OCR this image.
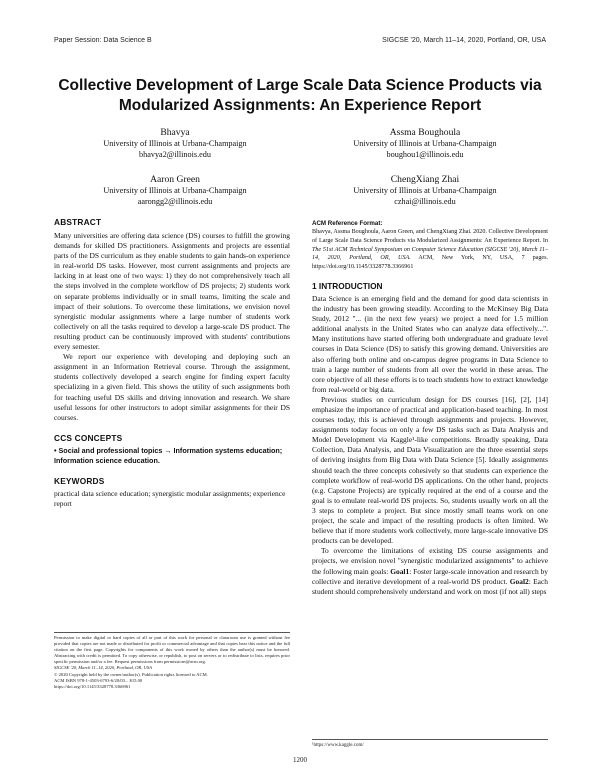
Paper Session: Data Science B	SIGCSE '20, March 11–14, 2020, Portland, OR, USA
Collective Development of Large Scale Data Science Products via Modularized Assignments: An Experience Report
Bhavya
University of Illinois at Urbana-Champaign
bhavya2@illinois.edu
Assma Boughoula
University of Illinois at Urbana-Champaign
boughou1@illinois.edu
Aaron Green
University of Illinois at Urbana-Champaign
aarongg2@illinois.edu
ChengXiang Zhai
University of Illinois at Urbana-Champaign
czhai@illinois.edu
ABSTRACT

Many universities are offering data science (DS) courses to fulfill the growing demands for skilled DS practitioners. Assignments and projects are essential parts of the DS curriculum as they enable students to gain hands-on experience in real-world DS tasks. However, most current assignments and projects are lacking in at least one of two ways: 1) they do not comprehensively teach all the steps involved in the complete workflow of DS projects; 2) students work on separate problems individually or in small teams, limiting the scale and impact of their solutions. To overcome these limitations, we envision novel synergistic modular assignments where a large number of students work collectively on all the tasks required to develop a large-scale DS product. The resulting product can be continuously improved with students' contributions every semester.

We report our experience with developing and deploying such an assignment in an Information Retrieval course. Through the assignment, students collectively developed a search engine for finding expert faculty specializing in a given field. This shows the utility of such assignments both for teaching useful DS skills and driving innovation and research. We share useful lessons for other instructors to adopt similar assignments for their DS courses.

CCS CONCEPTS

• Social and professional topics → Information systems education; Information science education.

KEYWORDS

practical data science education; synergistic modular assignments; experience report

Permission to make digital or hard copies of all or part of this work for personal or classroom use is granted without fee provided that copies are not made or distributed for profit or commercial advantage and that copies bear this notice and the full citation on the first page. Copyrights for components of this work owned by others than the author(s) must be honored. Abstracting with credit is permitted. To copy otherwise, or republish, to post on servers or to redistribute to lists, requires prior specific permission and/or a fee. Request permissions from permissions@acm.org.

SIGCSE '20, March 11–14, 2020, Portland, OR, USA

© 2020 Copyright held by the owner/author(s). Publication rights licensed to ACM.

ACM ISBN 978-1-4503-6793-6/20/03... $15.00

https://doi.org/10.1145/3328778.3366961

ACM Reference Format:

Bhavya, Assma Boughoula, Aaron Green, and ChengXiang Zhai. 2020. Collective Development of Large Scale Data Science Products via Modularized Assignments: An Experience Report. In The 51st ACM Technical Symposium on Computer Science Education (SIGCSE '20), March 11–14, 2020, Portland, OR, USA. ACM, New York, NY, USA, 7 pages. https://doi.org/10.1145/3328778.3366961

1 INTRODUCTION

Data Science is an emerging field and the demand for good data scientists in the industry has been growing steadily. According to the McKinsey Big Data Study, 2012 "... (in the next few years) we project a need for 1.5 million additional analysts in the United States who can analyze data effectively...". Many institutions have started offering both undergraduate and graduate level courses in Data Science (DS) to satisfy this growing demand. Universities are also offering both online and on-campus degree programs in Data Science to train a large number of students from all over the world in these areas. The core objective of all these efforts is to teach students how to extract knowledge from real-world or big data.

Previous studies on curriculum design for DS courses [16], [2], [14] emphasize the importance of practical and application-based teaching. In most courses today, this is achieved through assignments and projects. However, assignments today focus on only a few DS tasks such as Data Analysis and Model Development via Kaggle¹-like competitions. Broadly speaking, Data Collection, Data Analysis, and Data Visualization are the three essential steps of deriving insights from Big Data with Data Science [5]. Ideally assignments should teach the three concepts cohesively so that students can experience the complete workflow of real-world DS applications. On the other hand, projects (e.g. Capstone Projects) are typically required at the end of a course and the goal is to emulate real-world DS projects. So, students usually work on all the 3 steps to complete a project. But since mostly small teams work on one project, the scale and impact of the resulting products is often limited. We believe that if more students work collectively, more large-scale innovative DS products can be developed.

To overcome the limitations of existing DS course assignments and projects, we envision novel "synergistic modularized assignments" to achieve the following main goals: Goal1: Foster large-scale innovation and research by collective and iterative development of a real-world DS product. Goal2: Each student should comprehensively understand and work on most (if not all) steps

¹https://www.kaggle.com/
1200
